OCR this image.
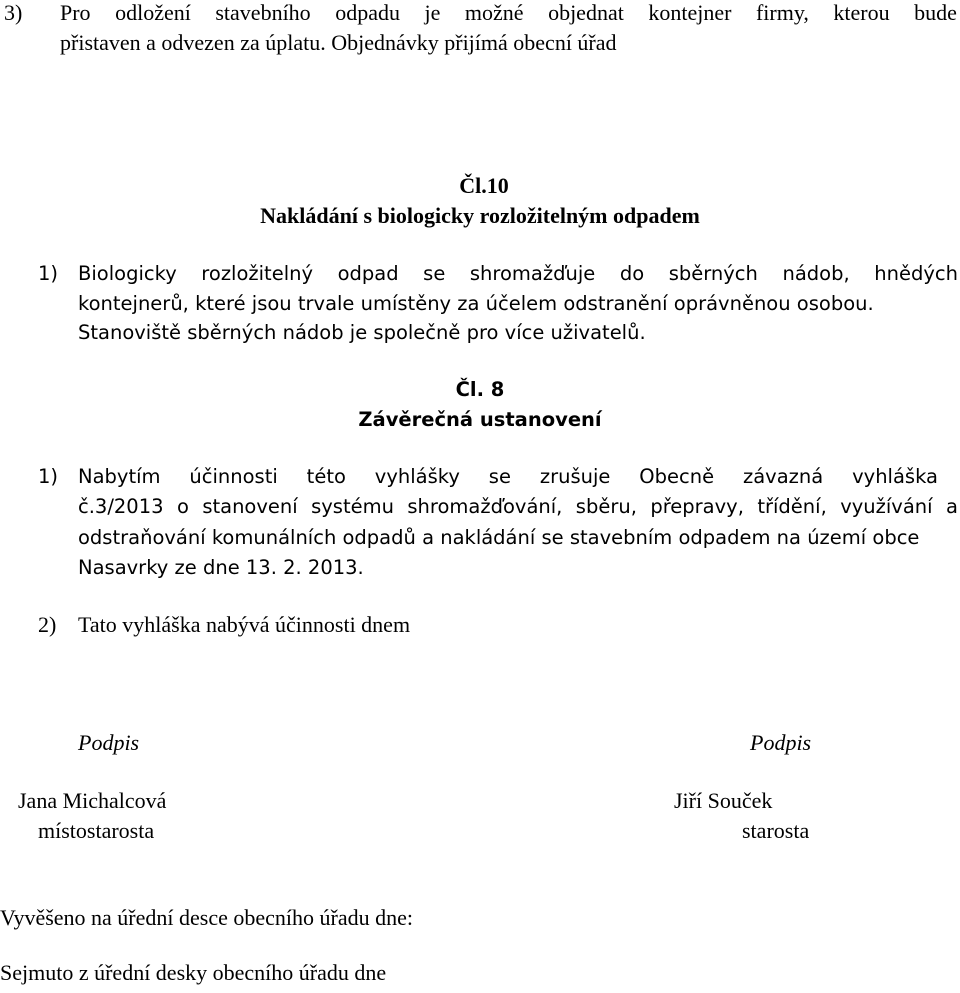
3) Pro odložení stavebního odpadu je možné objednat kontejner firmy, kterou bude
přistaven a odvezen za úplatu. Objednávky přijímá obecní úřad
Čl.10
Nakládání s biologicky rozložitelným odpadem
1) Biologicky rozložitelný odpad se shromažďuje do sběrných nádob, hnědých
kontejnerů, které jsou trvale umístěny za účelem odstranění oprávněnou osobou.
Stanoviště sběrných nádob je společně pro více uživatelů.
Čl. 8
Závěrečná ustanovení
1) Nabytím účinnosti této vyhlášky se zrušuje Obecně závazná vyhláška
č.3/2013 o stanovení systému shromažďování, sběru, přepravy, třídění, využívání a
odstraňování komunálních odpadů a nakládání se stavebním odpadem na území obce
Nasavrky ze dne 13. 2. 2013.
2) Tato vyhláška nabývá účinnosti dnem
Podpis	Podpis
Jana Michalcová
místostarosta
Jiří Souček
starosta
Vyvěšeno na úřední desce obecního úřadu dne:
Sejmuto z úřední desky obecního úřadu dne
